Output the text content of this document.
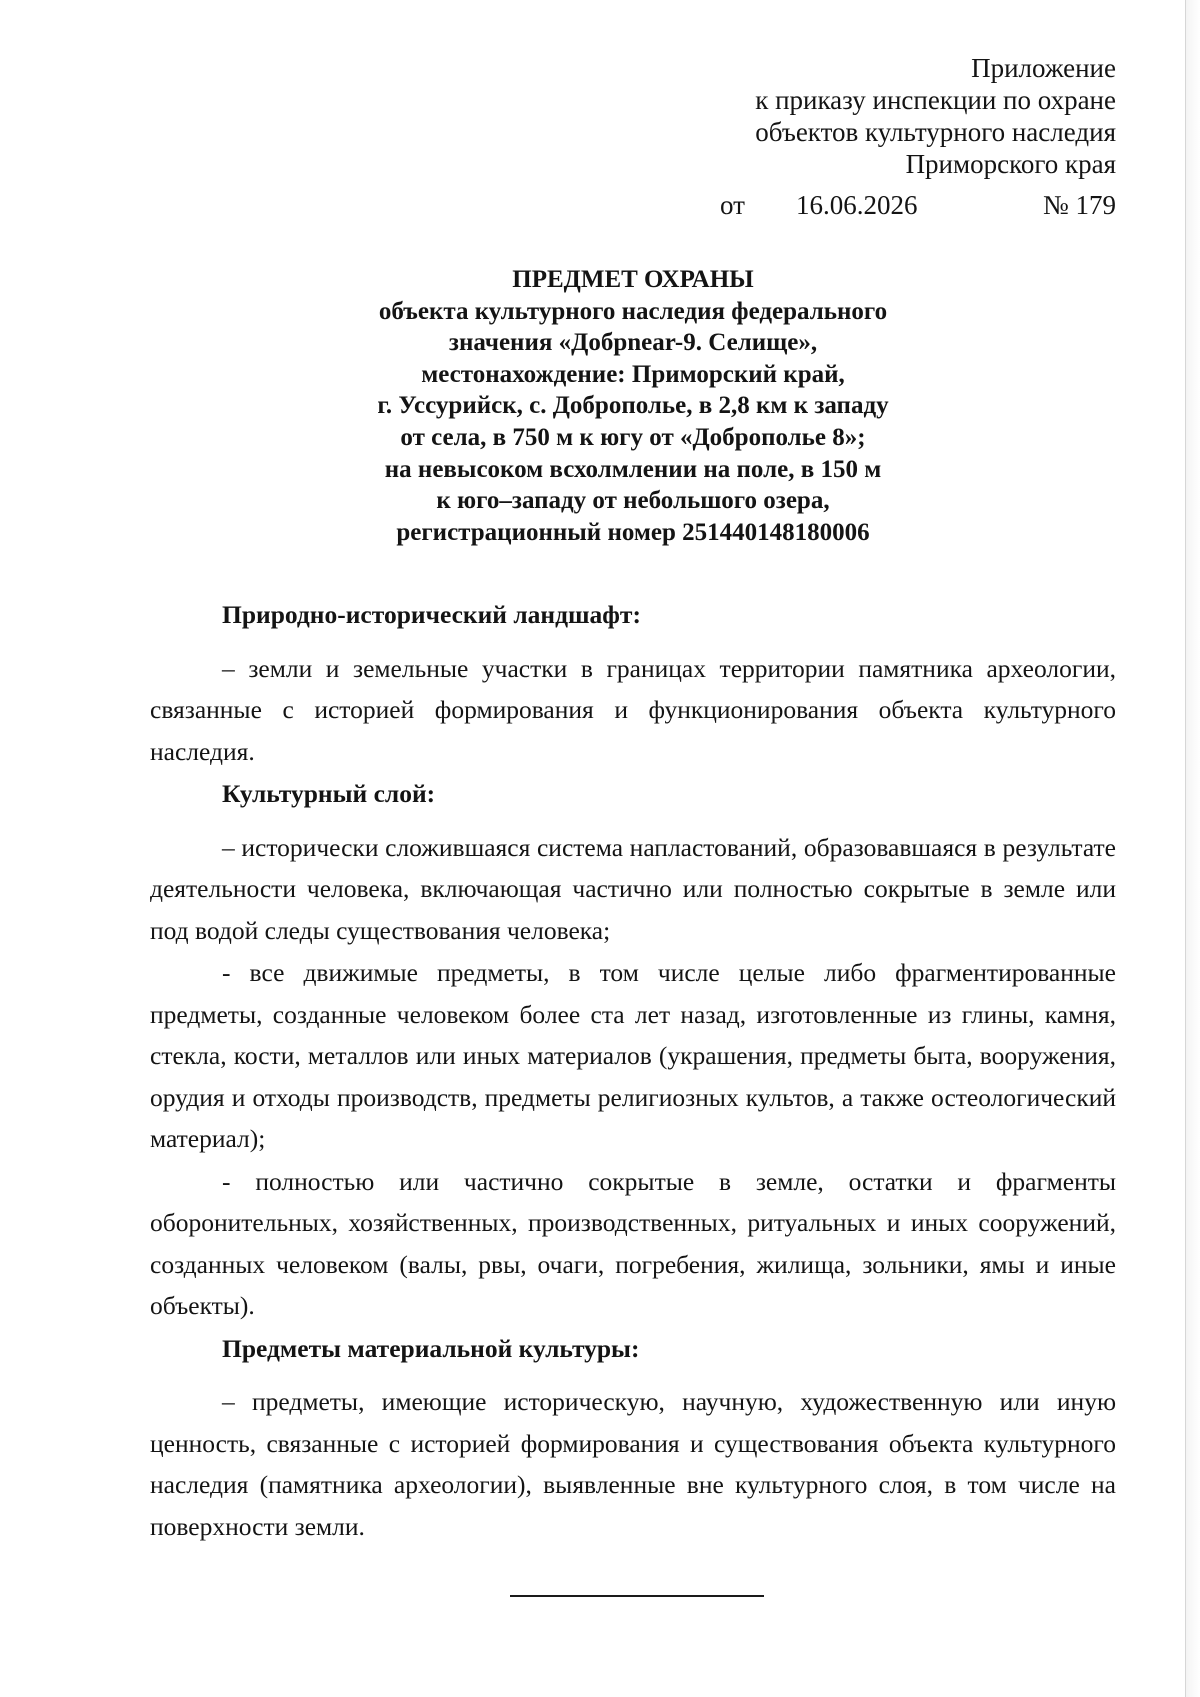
Приложение
к приказу инспекции по охране
объектов культурного наследия
Приморского края
от 16.06.2026	№ 179
ПРЕДМЕТ ОХРАНЫ
объекта культурного наследия федерального
значения «Добрnear-9. Селище»,
местонахождение: Приморский край,
г. Уссурийск, с. Доброполье, в 2,8 км к западу
от села, в 750 м к югу от «Доброполье 8»;
на невысоком всхолмлении на поле, в 150 м
к юго–западу от небольшого озера,
регистрационный номер 251440148180006
Природно-исторический ландшафт:

– земли и земельные участки в границах территории памятника археологии, связанные с историей формирования и функционирования объекта культурного наследия.

Культурный слой:

– исторически сложившаяся система напластований, образовавшаяся в результате деятельности человека, включающая частично или полностью сокрытые в земле или под водой следы существования человека;

- все движимые предметы, в том числе целые либо фрагментированные предметы, созданные человеком более ста лет назад, изготовленные из глины, камня, стекла, кости, металлов или иных материалов (украшения, предметы быта, вооружения, орудия и отходы производств, предметы религиозных культов, а также остеологический материал);

- полностью или частично сокрытые в земле, остатки и фрагменты оборонительных, хозяйственных, производственных, ритуальных и иных сооружений, созданных человеком (валы, рвы, очаги, погребения, жилища, зольники, ямы и иные объекты).

Предметы материальной культуры:

– предметы, имеющие историческую, научную, художественную или иную ценность, связанные с историей формирования и существования объекта культурного наследия (памятника археологии), выявленные вне культурного слоя, в том числе на поверхности земли.
